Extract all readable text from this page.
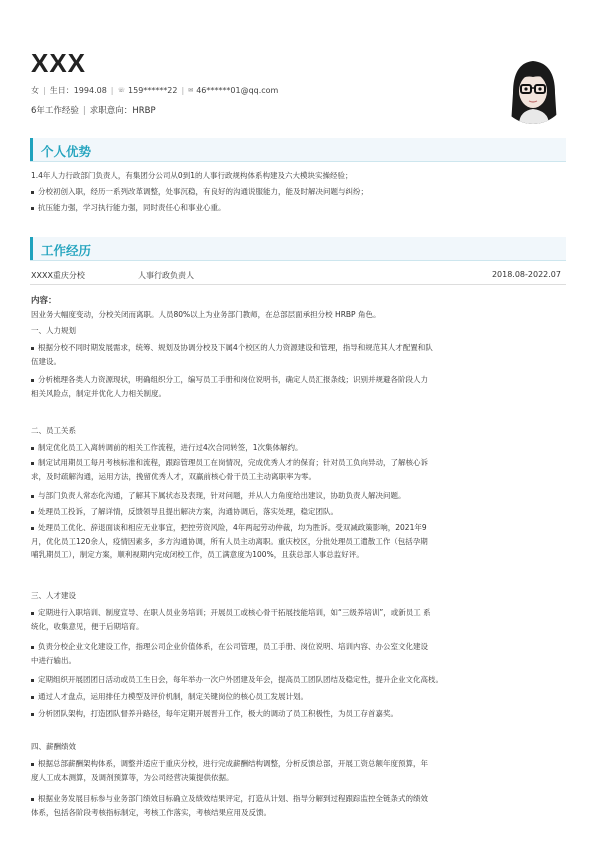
XXX
女 | 生日： 1994.08 | ☏ 159******22 | ✉ 46******01@qq.com
6年工作经验 | 求职意向：HRBP
个人优势
1.4年人力行政部门负责人，有集团分公司从0到1的人事行政规构体系构建及六大模块实操经验；
分校初创入职，经历一系列改革调整，处事沉稳，有良好的沟通说服能力，能及时解决问题与纠纷；
抗压能力强，学习执行能力强，同时责任心和事业心重。
工作经历
XXXX重庆分校	人事行政负责人	2018.08-2022.07
内容：
因业务大幅度变动，分校关闭而离职。人员80%以上为业务部门教师，在总部层面承担分校 HRBP 角色。
一、人力规划
根据分校不同时期发展需求，统筹、规划及协调分校及下属4个校区的人力资源建设和管理，指导和规范其人才配置和队
伍建设。
分析梳理各类人力资源现状，明确组织分工，编写员工手册和岗位说明书，确定人员汇报条线；识别并规避各阶段人力
相关风险点，制定并优化人力相关制度。
二、员工关系
制定优化员工入离转调前的相关工作流程，进行过4次合同转签，1次集体解约。
制定试用期员工每月考核标准和流程，跟踪管理员工在岗情况，完成优秀人才的保育；针对员工负向异动，了解核心诉
求，及时疏解沟通，运用方法，挽留优秀人才，双赢前核心骨干员工主动离职率为零。
与部门负责人常态化沟通，了解其下属状态及表现，针对问题，并从人力角度给出建议，协助负责人解决问题。
处理员工投诉，了解详情，反馈领导且提出解决方案，沟通协调后，落实处理，稳定团队。
处理员工优化、辞退面谈和相应无业事宜，把控劳资风险，4年两起劳动仲裁，均为胜诉。受双减政策影响，2021年9
月，优化员工120余人，疫情因素多，多方沟通协调，所有人员主动离职。重庆校区，分批处理员工遣散工作（包括孕期
哺乳期员工），制定方案，顺利视期内完成闭校工作，员工满意度为100%，且获总部人事总监好评。
三、人才建设
定期进行入职培训、制度宣导、在职人员业务培训；开展员工或核心骨干拓展技能培训，如“三级养培训”，或新员工 系
统化，收集意见，便于后期培育。
负责分校企业文化建设工作，指理公司企业价值体系，在公司管理，员工手册、岗位说明、培训内容、办公室文化建设
中进行输出。
定期组织开展团团日活动或员工生日会，每年举办一次户外团建及年会，提高员工团队团结及稳定性，提升企业文化高枝。
通过人才盘点，运用排任力模型及评价机制，制定关键岗位的核心员工发展计划。
分析团队架构，打造团队督养升路径，每年定期开展晋升工作，极大的调动了员工积极性，为员工存首嘉奖。
四、薪酬绩效
根据总部薪酬架构体系，调整并适应于重庆分校，进行完成薪酬结构调整，分析反馈总部，开展工资总额年度预算，年
度人工成本测算，及调剂预算等，为公司经营决策提供依据。
根据业务发展目标参与业务部门绩效目标确立及绩效结果评定，打造从计划、指导分解到过程跟踪监控全链条式的绩效
体系，包括各阶段考核指标制定，考核工作落实，考核结果应用及反馈。
